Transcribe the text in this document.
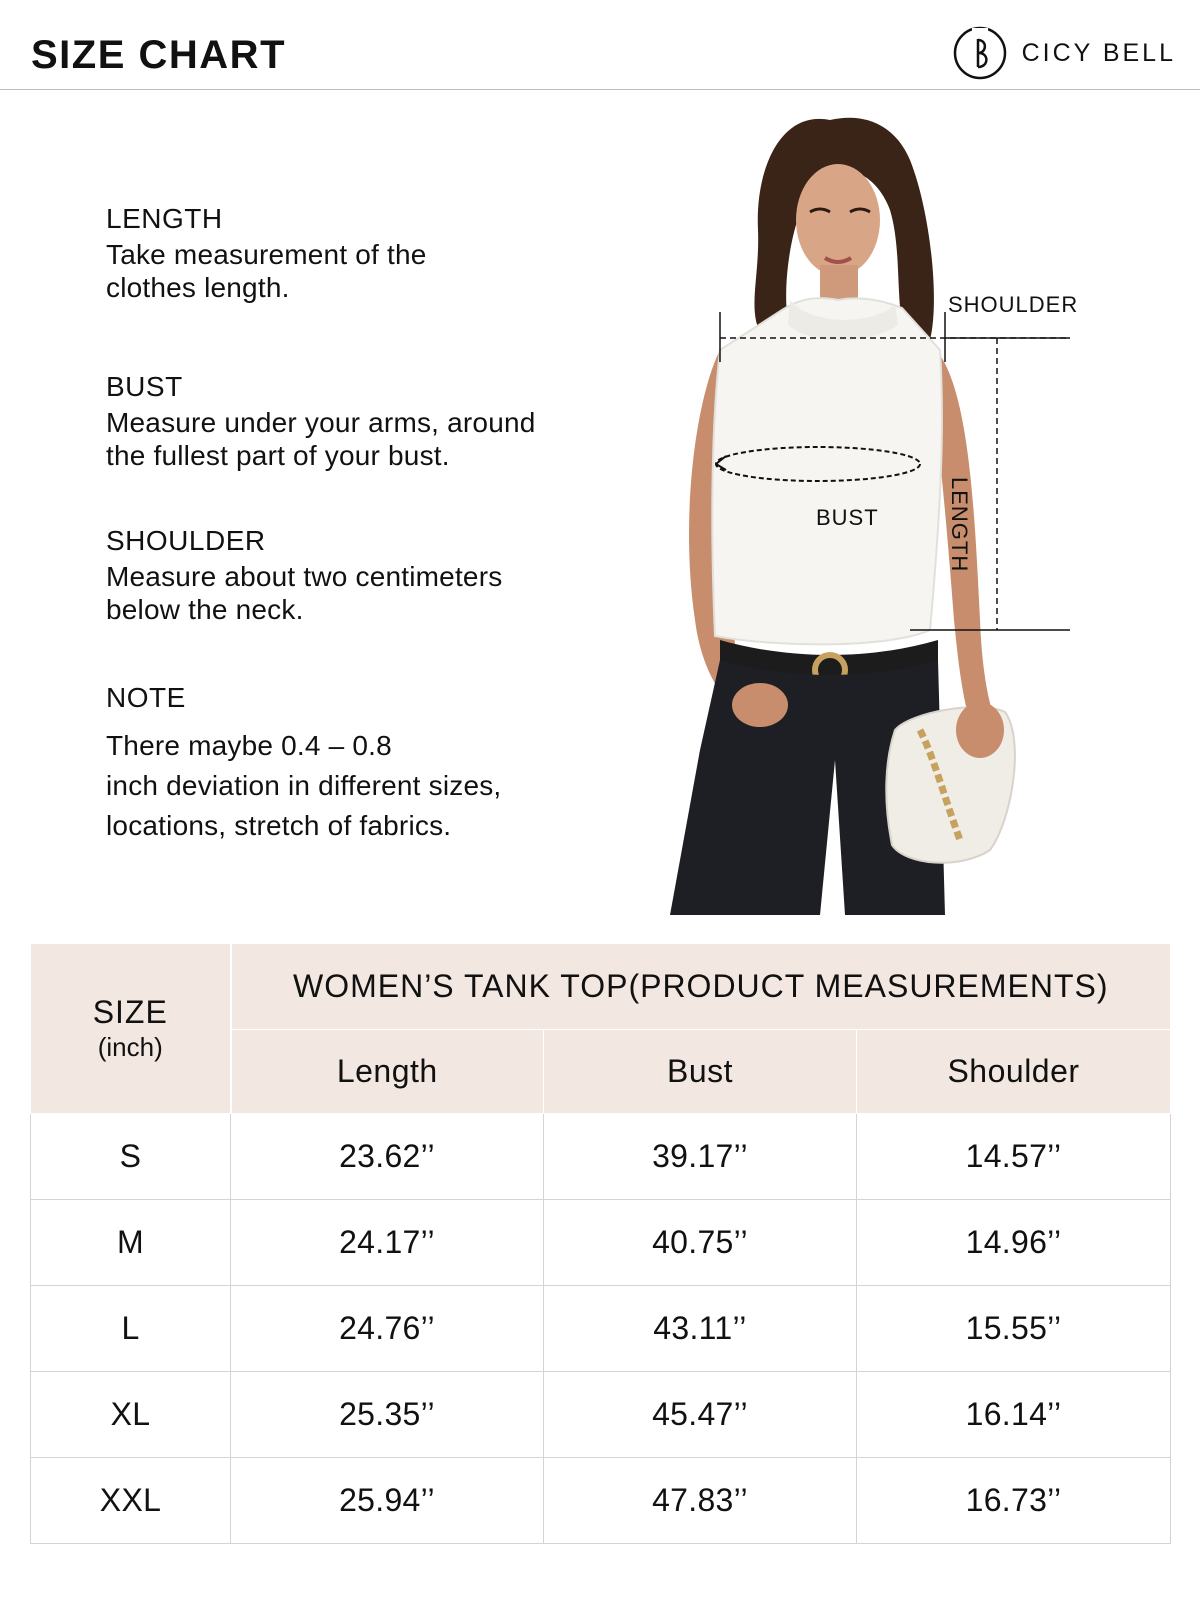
SIZE CHART	CICY BELL
LENGTH

Take measurement of the

clothes length.

BUST

Measure under your arms, around

the fullest part of your bust.

SHOULDER

Measure about two centimeters

below the neck.

NOTE

There maybe 0.4 – 0.8

inch deviation in different sizes,

locations, stretch of fabrics.

SHOULDER
BUST	LENGTH
SIZE
(inch)	WOMEN’S TANK TOP(PRODUCT MEASUREMENTS)		
	Length	Bust	Shoulder
S	23.62’’	39.17’’	14.57’’
M	24.17’’	40.75’’	14.96’’
L	24.76’’	43.11’’	15.55’’
XL	25.35’’	45.47’’	16.14’’
XXL	25.94’’	47.83’’	16.73’’
